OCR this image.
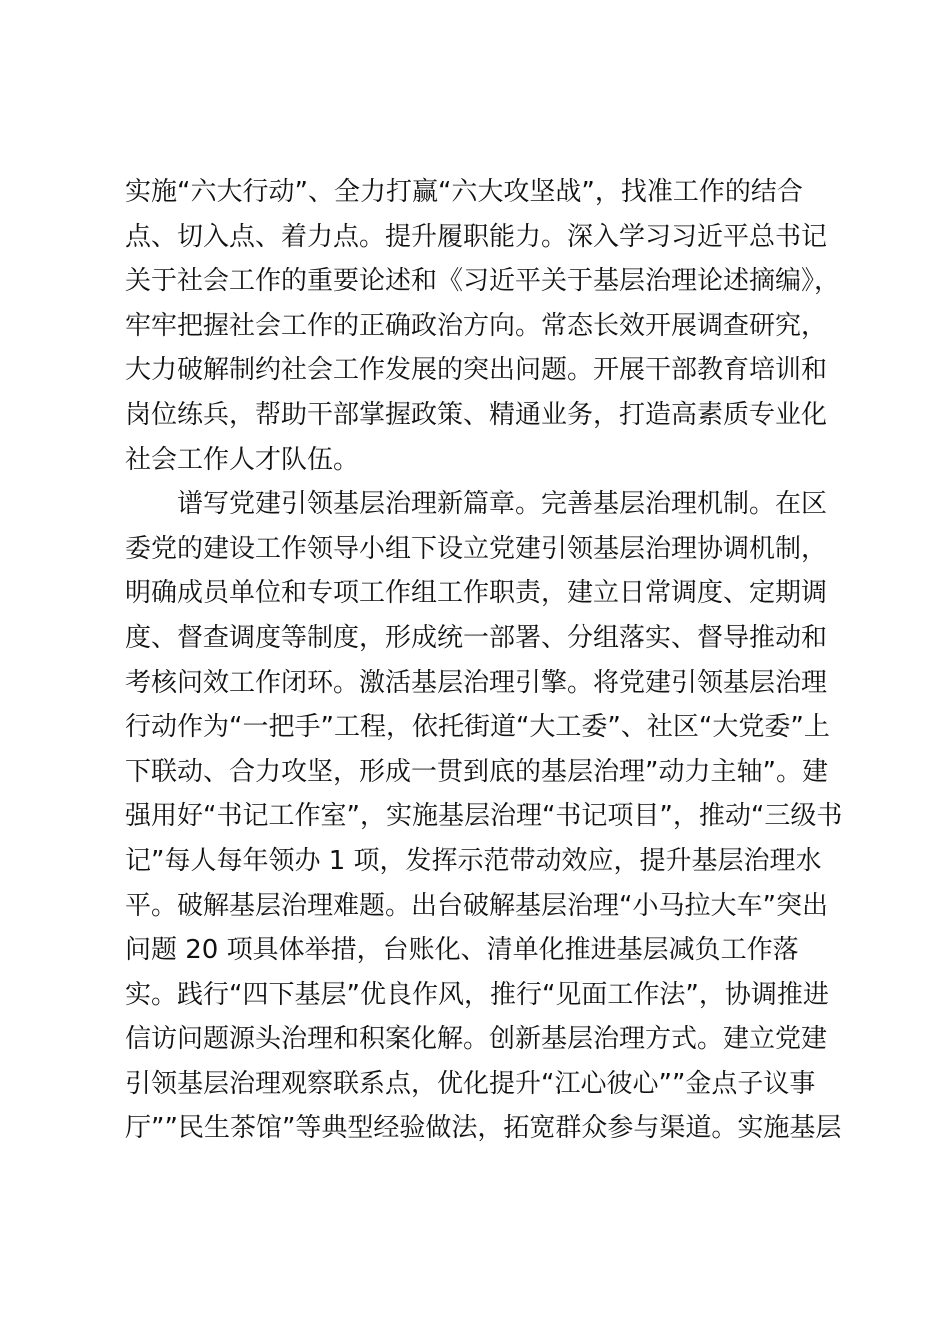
实施“六大行动”、全力打赢“六大攻坚战”，找准工作的结合
点、切入点、着力点。提升履职能力。深入学习习近平总书记
关于社会工作的重要论述和《习近平关于基层治理论述摘编》，
牢牢把握社会工作的正确政治方向。常态长效开展调查研究，
大力破解制约社会工作发展的突出问题。开展干部教育培训和
岗位练兵，帮助干部掌握政策、精通业务，打造高素质专业化
社会工作人才队伍。
谱写党建引领基层治理新篇章。完善基层治理机制。在区
委党的建设工作领导小组下设立党建引领基层治理协调机制，
明确成员单位和专项工作组工作职责，建立日常调度、定期调
度、督查调度等制度，形成统一部署、分组落实、督导推动和
考核问效工作闭环。激活基层治理引擎。将党建引领基层治理
行动作为“一把手”工程，依托街道“大工委”、社区“大党委”上
下联动、合力攻坚，形成一贯到底的基层治理”动力主轴”。建
强用好“书记工作室”，实施基层治理“书记项目”，推动“三级书
记”每人每年领办 1 项，发挥示范带动效应，提升基层治理水
平。破解基层治理难题。出台破解基层治理“小马拉大车”突出
问题 20 项具体举措，台账化、清单化推进基层减负工作落
实。践行“四下基层”优良作风，推行“见面工作法”，协调推进
信访问题源头治理和积案化解。创新基层治理方式。建立党建
引领基层治理观察联系点，优化提升“江心彼心””金点子议事
厅””民生茶馆”等典型经验做法，拓宽群众参与渠道。实施基层
